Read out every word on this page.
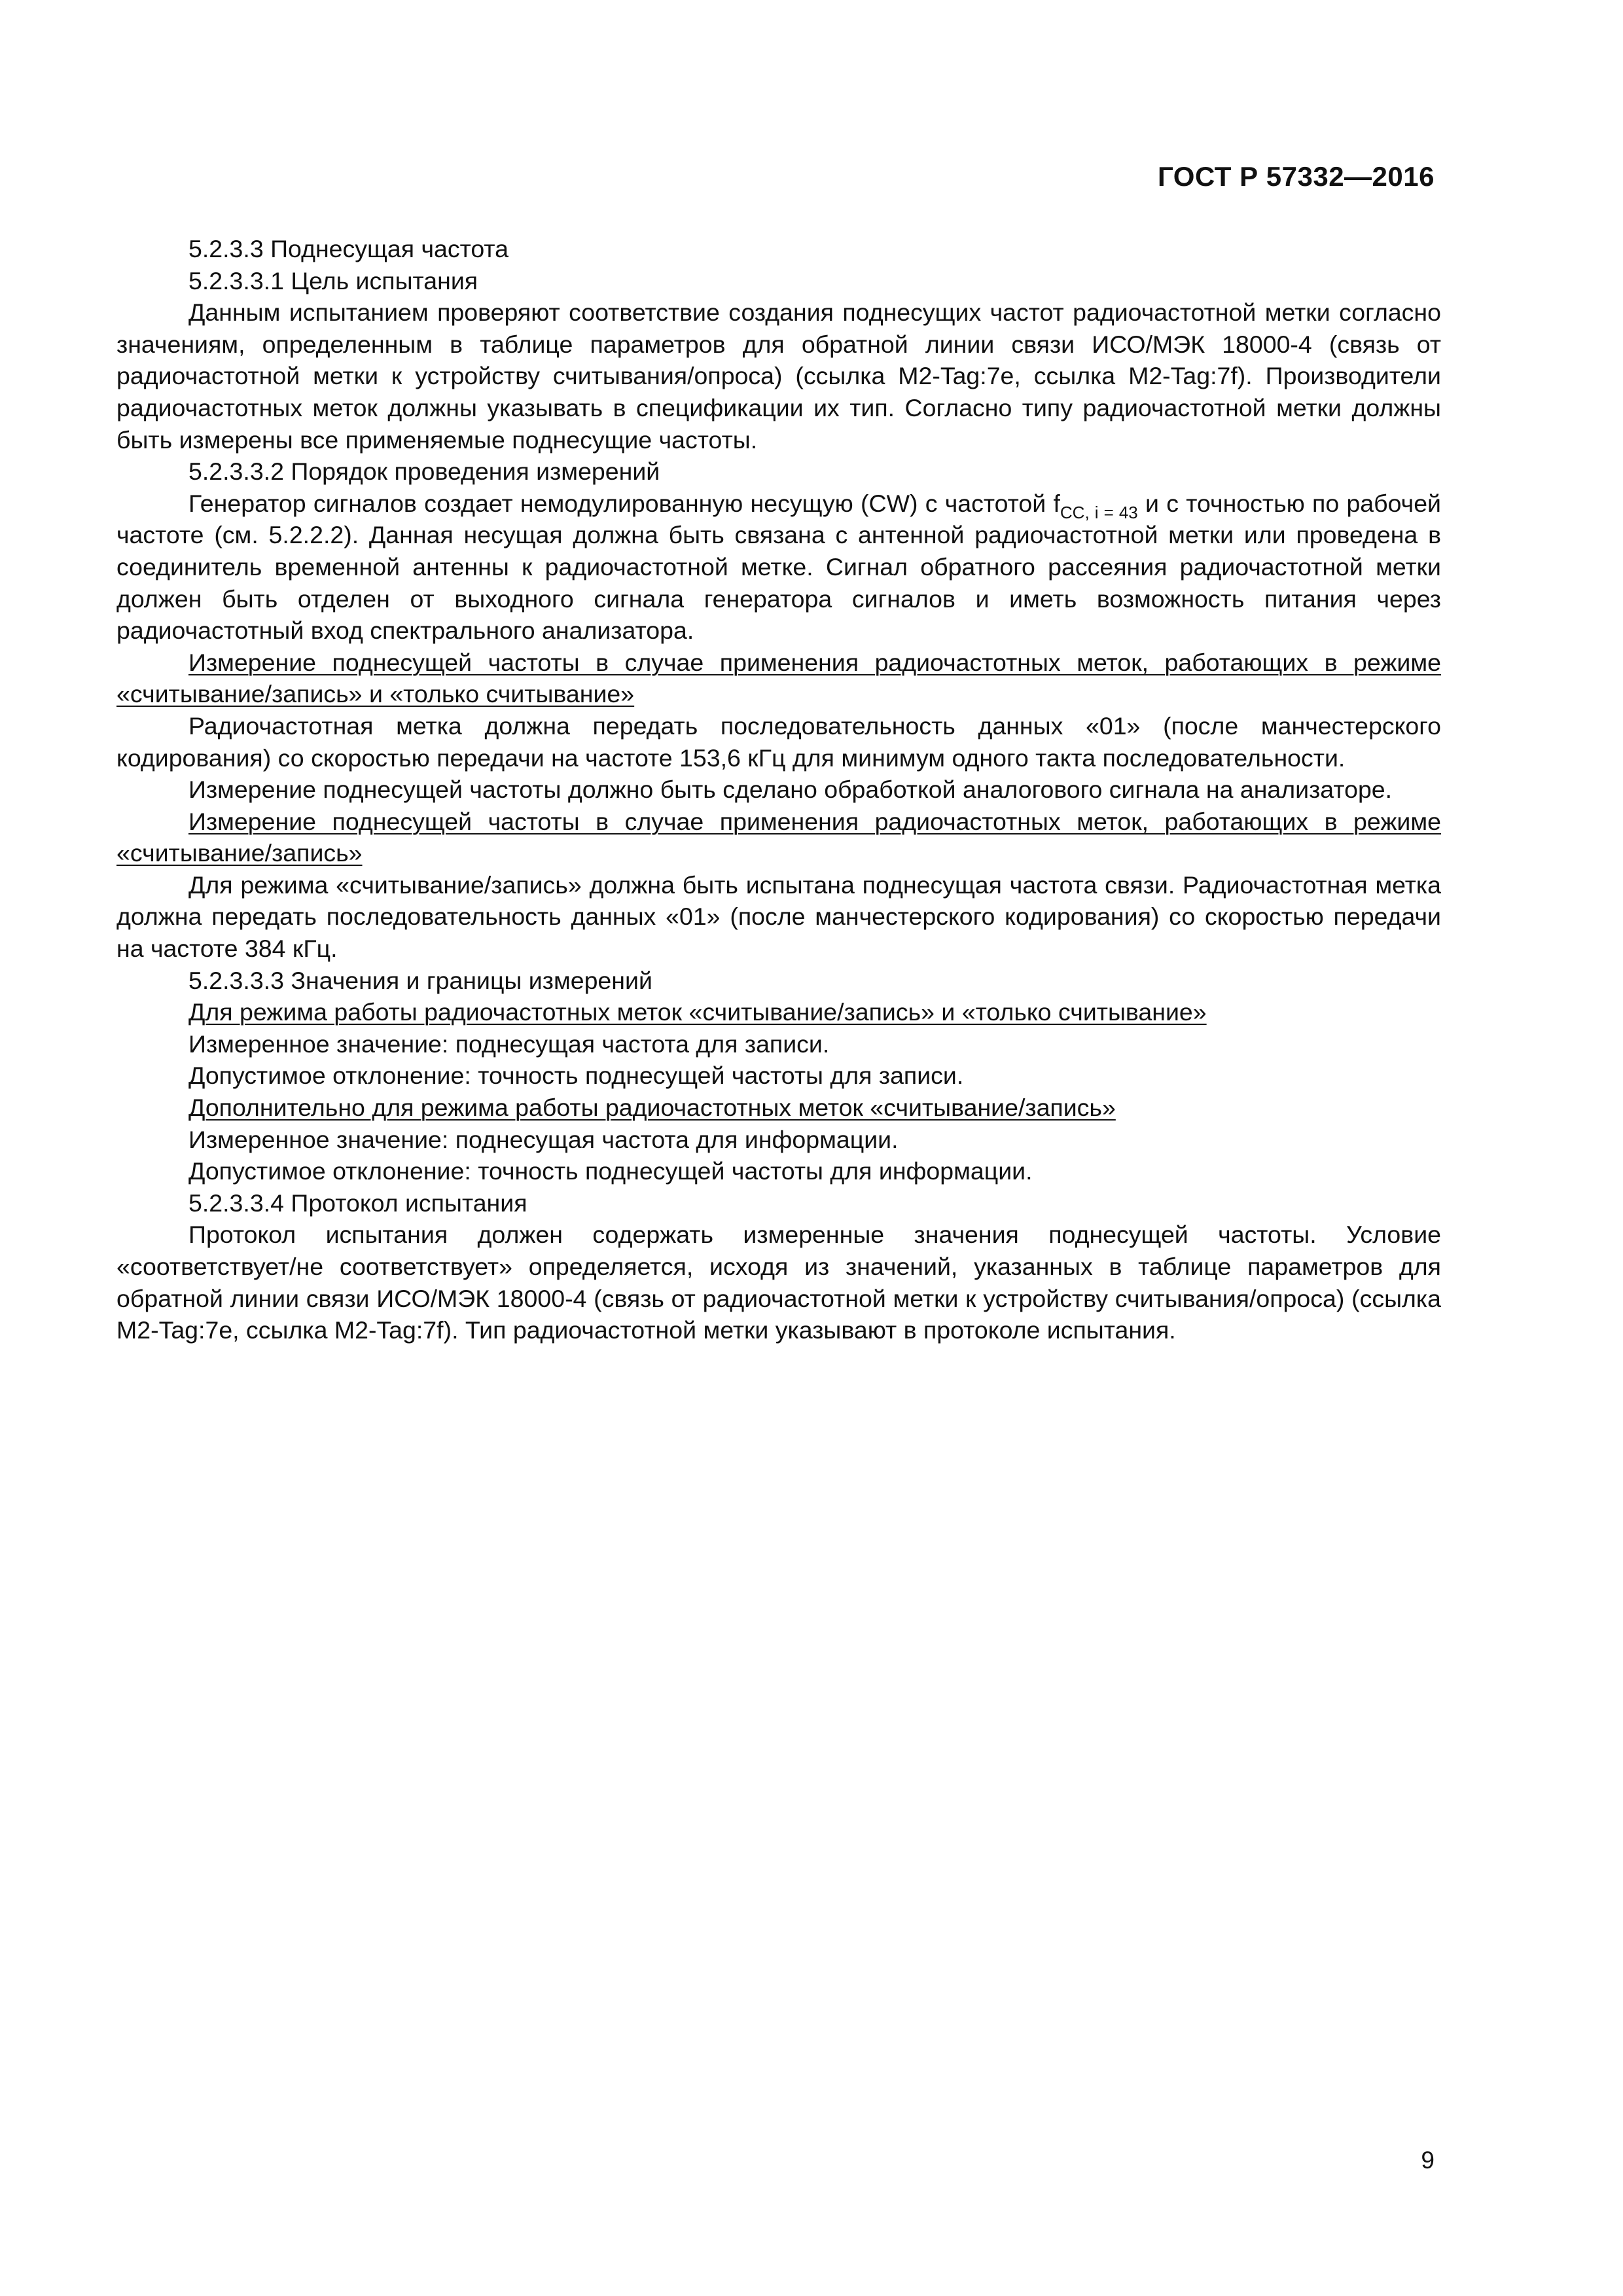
ГОСТ Р 57332—2016

5.2.3.3 Поднесущая частота

5.2.3.3.1 Цель испытания

Данным испытанием проверяют соответствие создания поднесущих частот радиочастотной метки согласно значениям, определенным в таблице параметров для обратной линии связи ИСО/МЭК 18000-4 (связь от радиочастотной метки к устройству считывания/опроса) (ссылка M2-Tag:7e, ссылка M2-Tag:7f). Производители радиочастотных меток должны указывать в спецификации их тип. Согласно типу радиочастотной метки должны быть измерены все применяемые поднесущие частоты.

5.2.3.3.2 Порядок проведения измерений

Генератор сигналов создает немодулированную несущую (CW) с частотой $f_{CC, i = 43}$ и с точностью по рабочей частоте (см. 5.2.2.2). Данная несущая должна быть связана с антенной радиочастотной метки или проведена в соединитель временной антенны к радиочастотной метке. Сигнал обратного рассеяния радиочастотной метки должен быть отделен от выходного сигнала генератора сигналов и иметь возможность питания через радиочастотный вход спектрального анализатора.

Измерение поднесущей частоты в случае применения радиочастотных меток, работающих в режиме «считывание/запись» и «только считывание»

Радиочастотная метка должна передать последовательность данных «01» (после манчестерского кодирования) со скоростью передачи на частоте 153,6 кГц для минимум одного такта последовательности.

Измерение поднесущей частоты должно быть сделано обработкой аналогового сигнала на анализаторе.

Измерение поднесущей частоты в случае применения радиочастотных меток, работающих в режиме «считывание/запись»

Для режима «считывание/запись» должна быть испытана поднесущая частота связи. Радиочастотная метка должна передать последовательность данных «01» (после манчестерского кодирования) со скоростью передачи на частоте 384 кГц.

5.2.3.3.3 Значения и границы измерений

Для режима работы радиочастотных меток «считывание/запись» и «только считывание»

Измеренное значение: поднесущая частота для записи.

Допустимое отклонение: точность поднесущей частоты для записи.

Дополнительно для режима работы радиочастотных меток «считывание/запись»

Измеренное значение: поднесущая частота для информации.

Допустимое отклонение: точность поднесущей частоты для информации.

5.2.3.3.4 Протокол испытания

Протокол испытания должен содержать измеренные значения поднесущей частоты. Условие «соответствует/не соответствует» определяется, исходя из значений, указанных в таблице параметров для обратной линии связи ИСО/МЭК 18000-4 (связь от радиочастотной метки к устройству считывания/опроса) (ссылка M2-Tag:7e, ссылка M2-Tag:7f). Тип радиочастотной метки указывают в протоколе испытания.

9
